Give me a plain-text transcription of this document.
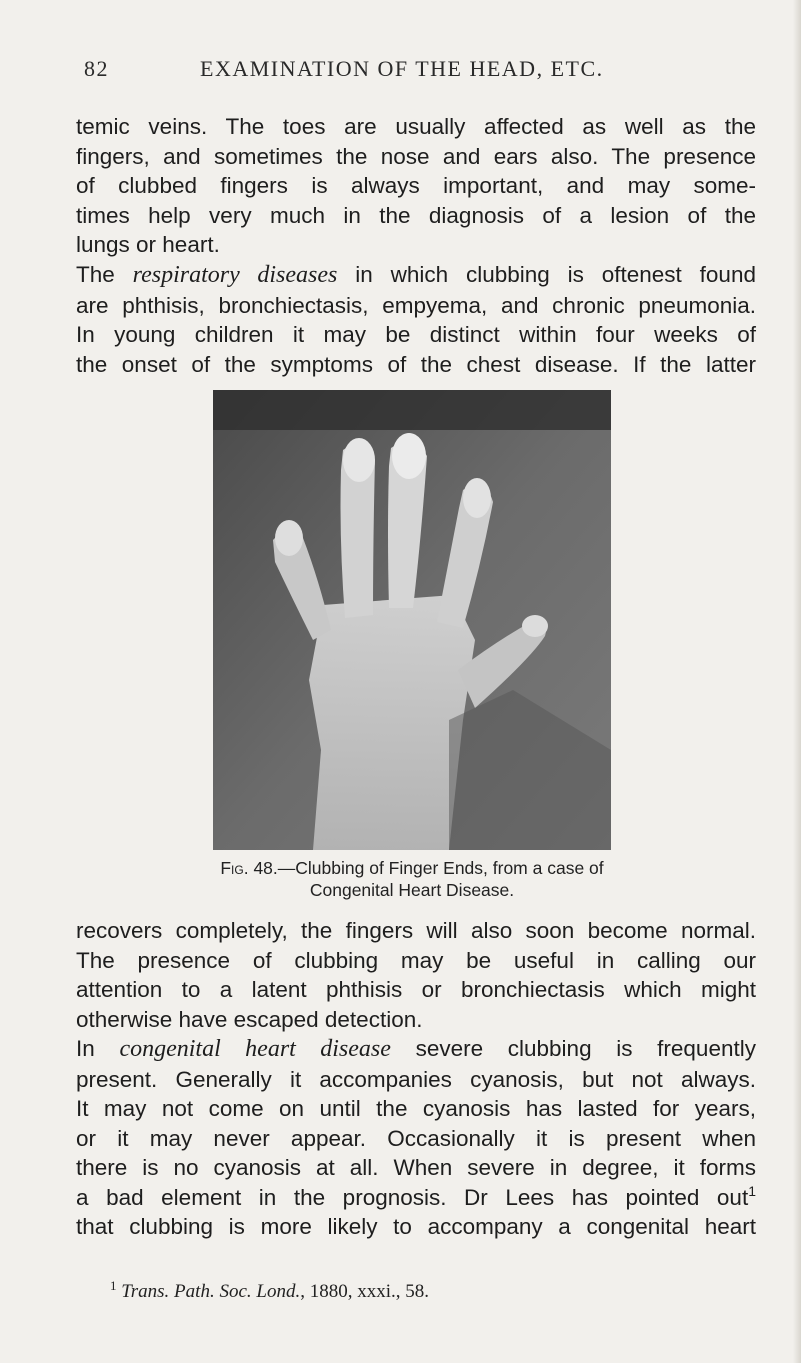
82	EXAMINATION OF THE HEAD, ETC.
temic veins. The toes are usually affected as well as the
fingers, and sometimes the nose and ears also. The presence
of clubbed fingers is always important, and may some-
times help very much in the diagnosis of a lesion of the
lungs or heart.
The respiratory diseases in which clubbing is oftenest found
are phthisis, bronchiectasis, empyema, and chronic pneumonia.
In young children it may be distinct within four weeks of
the onset of the symptoms of the chest disease. If the latter
Fig. 48.—Clubbing of Finger Ends, from a case of
Congenital Heart Disease.
recovers completely, the fingers will also soon become normal.
The presence of clubbing may be useful in calling our
attention to a latent phthisis or bronchiectasis which might
otherwise have escaped detection.
In congenital heart disease severe clubbing is frequently
present. Generally it accompanies cyanosis, but not always.
It may not come on until the cyanosis has lasted for years,
or it may never appear. Occasionally it is present when
there is no cyanosis at all. When severe in degree, it forms
a bad element in the prognosis. Dr Lees has pointed out$^1$
that clubbing is more likely to accompany a congenital heart
$^1$ Trans. Path. Soc. Lond., 1880, xxxi., 58.
